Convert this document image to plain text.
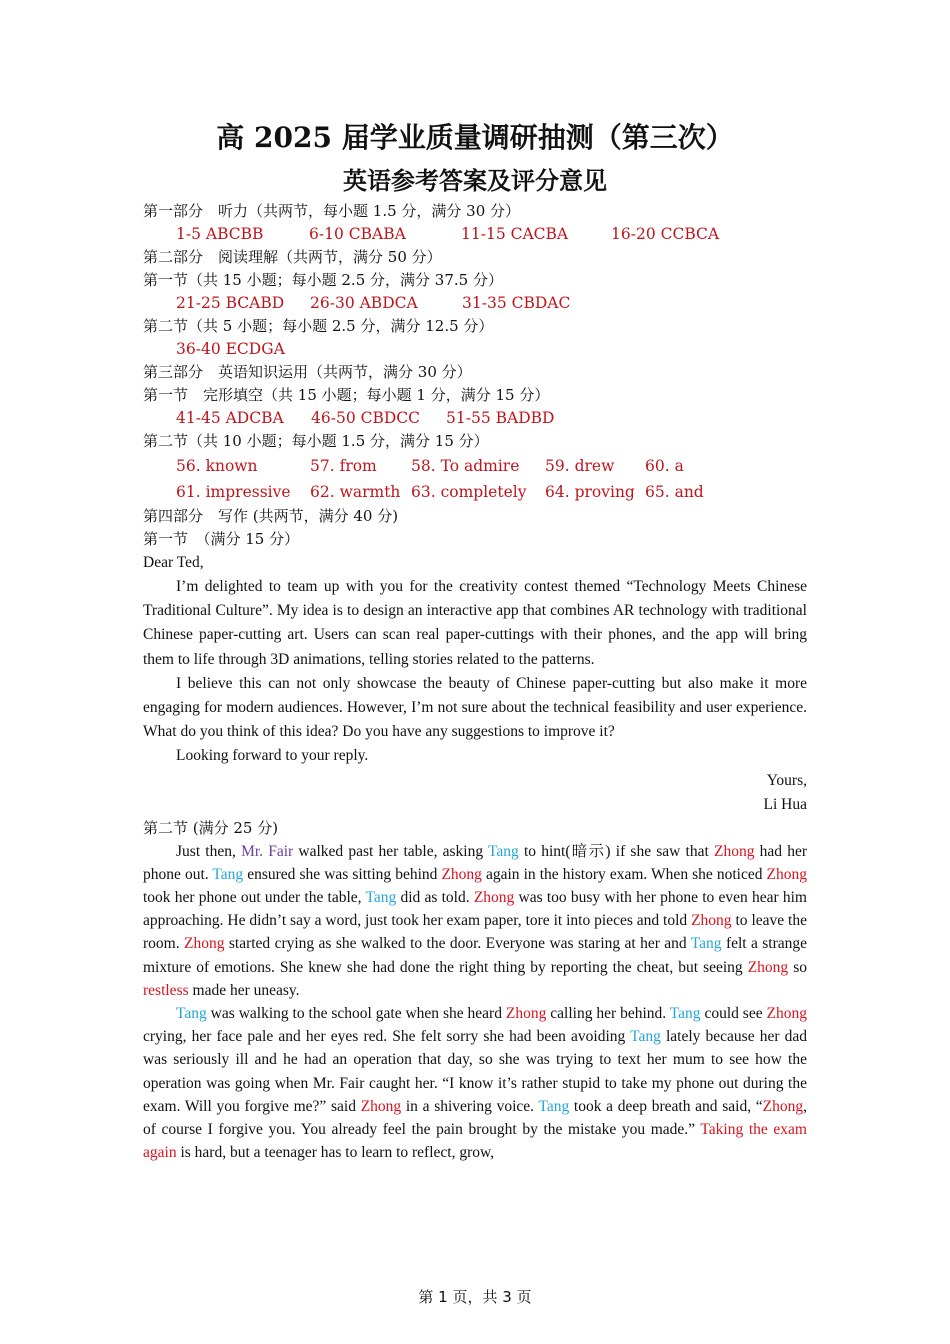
高 2025 届学业质量调研抽测（第三次）
英语参考答案及评分意见
第一部分　听力（共两节，每小题 1.5 分，满分 30 分）
1-5 ABCBB	6-10 CBABA	11-15 CACBA	16-20 CCBCA
第二部分　阅读理解（共两节，满分 50 分）
第一节（共 15 小题；每小题 2.5 分，满分 37.5 分）
21-25 BCABD 26-30 ABDCA	31-35 CBDAC
第二节（共 5 小题；每小题 2.5 分，满分 12.5 分）
36-40 ECDGA
第三部分　英语知识运用（共两节，满分 30 分）
第一节　完形填空（共 15 小题；每小题 1 分，满分 15 分）
41-45 ADCBA 46-50 CBDCC 51-55 BADBD
第二节（共 10 小题；每小题 1.5 分，满分 15 分）
56. known	57. from 58. To admire 59. drew 60. a
61. impressive 62. warmth 63. completely 64. proving 65. and
第四部分　写作 (共两节，满分 40 分)
第一节　（满分 15 分）

Dear Ted,

I’m delighted to team up with you for the creativity contest themed “Technology Meets Chinese Traditional Culture”. My idea is to design an interactive app that combines AR technology with traditional Chinese paper-cutting art. Users can scan real paper-cuttings with their phones, and the app will bring them to life through 3D animations, telling stories related to the patterns.

I believe this can not only showcase the beauty of Chinese paper-cutting but also make it more engaging for modern audiences. However, I’m not sure about the technical feasibility and user experience. What do you think of this idea? Do you have any suggestions to improve it?

Looking forward to your reply.

Yours,

Li Hua

第二节 (满分 25 分)

Just then, Mr. Fair walked past her table, asking Tang to hint(暗示) if she saw that Zhong had her phone out. Tang ensured she was sitting behind Zhong again in the history exam. When she noticed Zhong took her phone out under the table, Tang did as told. Zhong was too busy with her phone to even hear him approaching. He didn’t say a word, just took her exam paper, tore it into pieces and told Zhong to leave the room. Zhong started crying as she walked to the door. Everyone was staring at her and Tang felt a strange mixture of emotions. She knew she had done the right thing by reporting the cheat, but seeing Zhong so restless made her uneasy.

Tang was walking to the school gate when she heard Zhong calling her behind. Tang could see Zhong crying, her face pale and her eyes red. She felt sorry she had been avoiding Tang lately because her dad was seriously ill and he had an operation that day, so she was trying to text her mum to see how the operation was going when Mr. Fair caught her. “I know it’s rather stupid to take my phone out during the exam. Will you forgive me?” said Zhong in a shivering voice. Tang took a deep breath and said, “Zhong, of course I forgive you. You already feel the pain brought by the mistake you made.” Taking the exam again is hard, but a teenager has to learn to reflect, grow,

第 1 页，共 3 页
